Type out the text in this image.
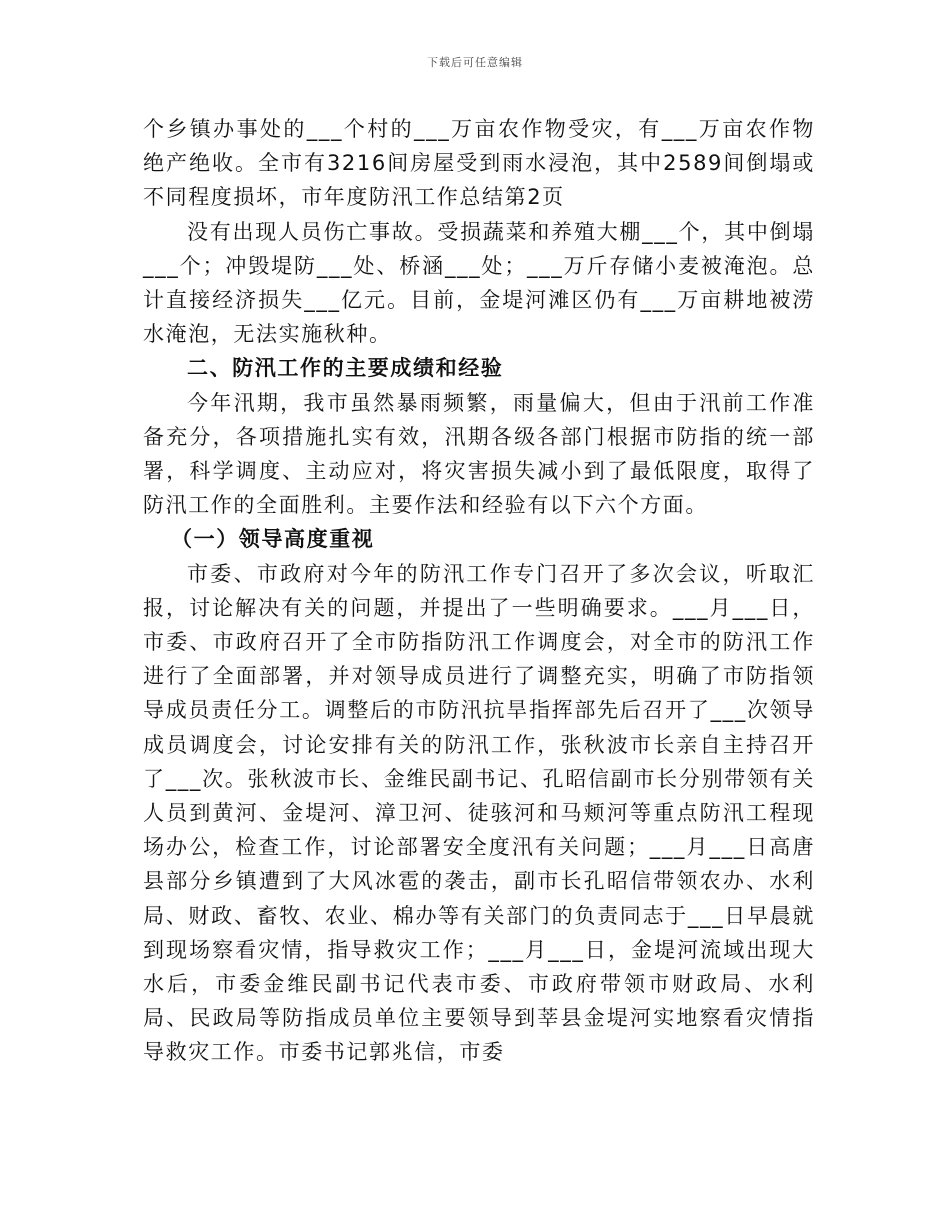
下载后可任意编辑

个乡镇办事处的___个村的___万亩农作物受灾，有___万亩农作物绝产绝收。全市有3216间房屋受到雨水浸泡，其中2589间倒塌或不同程度损坏，市年度防汛工作总结第2页

没有出现人员伤亡事故。受损蔬菜和养殖大棚___个，其中倒塌___个；冲毁堤防___处、桥涵___处；___万斤存储小麦被淹泡。总计直接经济损失___亿元。目前，金堤河滩区仍有___万亩耕地被涝水淹泡，无法实施秋种。

二、防汛工作的主要成绩和经验

今年汛期，我市虽然暴雨频繁，雨量偏大，但由于汛前工作准备充分，各项措施扎实有效，汛期各级各部门根据市防指的统一部署，科学调度、主动应对，将灾害损失减小到了最低限度，取得了防汛工作的全面胜利。主要作法和经验有以下六个方面。

（一）领导高度重视

市委、市政府对今年的防汛工作专门召开了多次会议，听取汇报，讨论解决有关的问题，并提出了一些明确要求。___月___日，市委、市政府召开了全市防指防汛工作调度会，对全市的防汛工作进行了全面部署，并对领导成员进行了调整充实，明确了市防指领导成员责任分工。调整后的市防汛抗旱指挥部先后召开了___次领导成员调度会，讨论安排有关的防汛工作，张秋波市长亲自主持召开了___次。张秋波市长、金维民副书记、孔昭信副市长分别带领有关人员到黄河、金堤河、漳卫河、徒骇河和马颊河等重点防汛工程现场办公，检查工作，讨论部署安全度汛有关问题；___月___日高唐县部分乡镇遭到了大风冰雹的袭击，副市长孔昭信带领农办、水利局、财政、畜牧、农业、棉办等有关部门的负责同志于___日早晨就到现场察看灾情，指导救灾工作；___月___日，金堤河流域出现大水后，市委金维民副书记代表市委、市政府带领市财政局、水利局、民政局等防指成员单位主要领导到莘县金堤河实地察看灾情指导救灾工作。市委书记郭兆信，市委
